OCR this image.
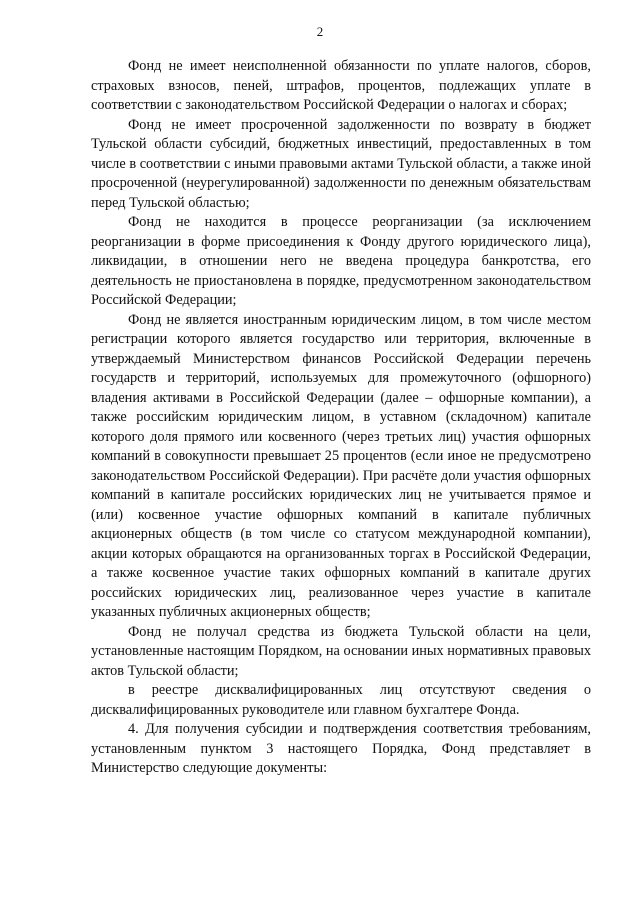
2

Фонд не имеет неисполненной обязанности по уплате налогов, сборов, страховых взносов, пеней, штрафов, процентов, подлежащих уплате в соответствии с законодательством Российской Федерации о налогах и сборах;

Фонд не имеет просроченной задолженности по возврату в бюджет Тульской области субсидий, бюджетных инвестиций, предоставленных в том числе в соответствии с иными правовыми актами Тульской области, а также иной просроченной (неурегулированной) задолженности по денежным обязательствам перед Тульской областью;

Фонд не находится в процессе реорганизации (за исключением реорганизации в форме присоединения к Фонду другого юридического лица), ликвидации, в отношении него не введена процедура банкротства, его деятельность не приостановлена в порядке, предусмотренном законодательством Российской Федерации;

Фонд не является иностранным юридическим лицом, в том числе местом регистрации которого является государство или территория, включенные в утверждаемый Министерством финансов Российской Федерации перечень государств и территорий, используемых для промежуточного (офшорного) владения активами в Российской Федерации (далее – офшорные компании), а также российским юридическим лицом, в уставном (складочном) капитале которого доля прямого или косвенного (через третьих лиц) участия офшорных компаний в совокупности превышает 25 процентов (если иное не предусмотрено законодательством Российской Федерации). При расчёте доли участия офшорных компаний в капитале российских юридических лиц не учитывается прямое и (или) косвенное участие офшорных компаний в капитале публичных акционерных обществ (в том числе со статусом международной компании), акции которых обращаются на организованных торгах в Российской Федерации, а также косвенное участие таких офшорных компаний в капитале других российских юридических лиц, реализованное через участие в капитале указанных публичных акционерных обществ;

Фонд не получал средства из бюджета Тульской области на цели, установленные настоящим Порядком, на основании иных нормативных правовых актов Тульской области;

в реестре дисквалифицированных лиц отсутствуют сведения о дисквалифицированных руководителе или главном бухгалтере Фонда.

4. Для получения субсидии и подтверждения соответствия требованиям, установленным пунктом 3 настоящего Порядка, Фонд представляет в Министерство следующие документы:
